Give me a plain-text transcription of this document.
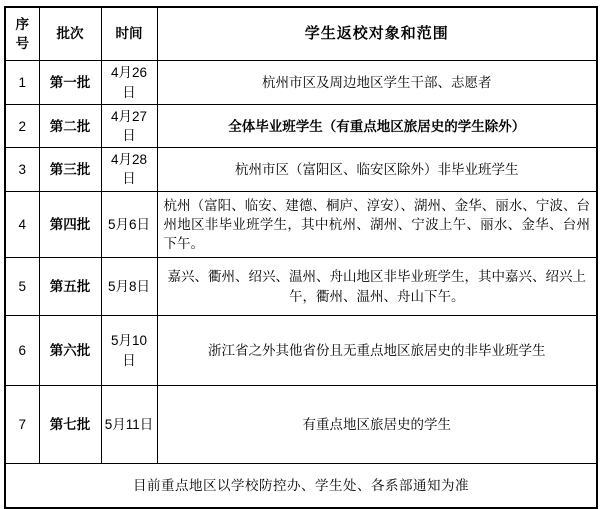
序号	批次	时间	学生返校对象和范围
1	第一批	4月26日	杭州市区及周边地区学生干部、志愿者
2	第二批	4月27日	全体毕业班学生（有重点地区旅居史的学生除外）
3	第三批	4月28日	杭州市区（富阳区、临安区除外）非毕业班学生
4	第四批	5月6日	杭州（富阳、临安、建德、桐庐、淳安）、湖州、金华、丽水、宁波、台州地区非毕业班学生，其中杭州、湖州、宁波上午、丽水、金华、台州下午。
5	第五批	5月8日	嘉兴、衢州、绍兴、温州、舟山地区非毕业班学生，其中嘉兴、绍兴上午，衢州、温州、舟山下午。
6	第六批	5月10日	浙江省之外其他省份且无重点地区旅居史的非毕业班学生
7	第七批	5月11日	有重点地区旅居史的学生
目前重点地区以学校防控办、学生处、各系部通知为准			
